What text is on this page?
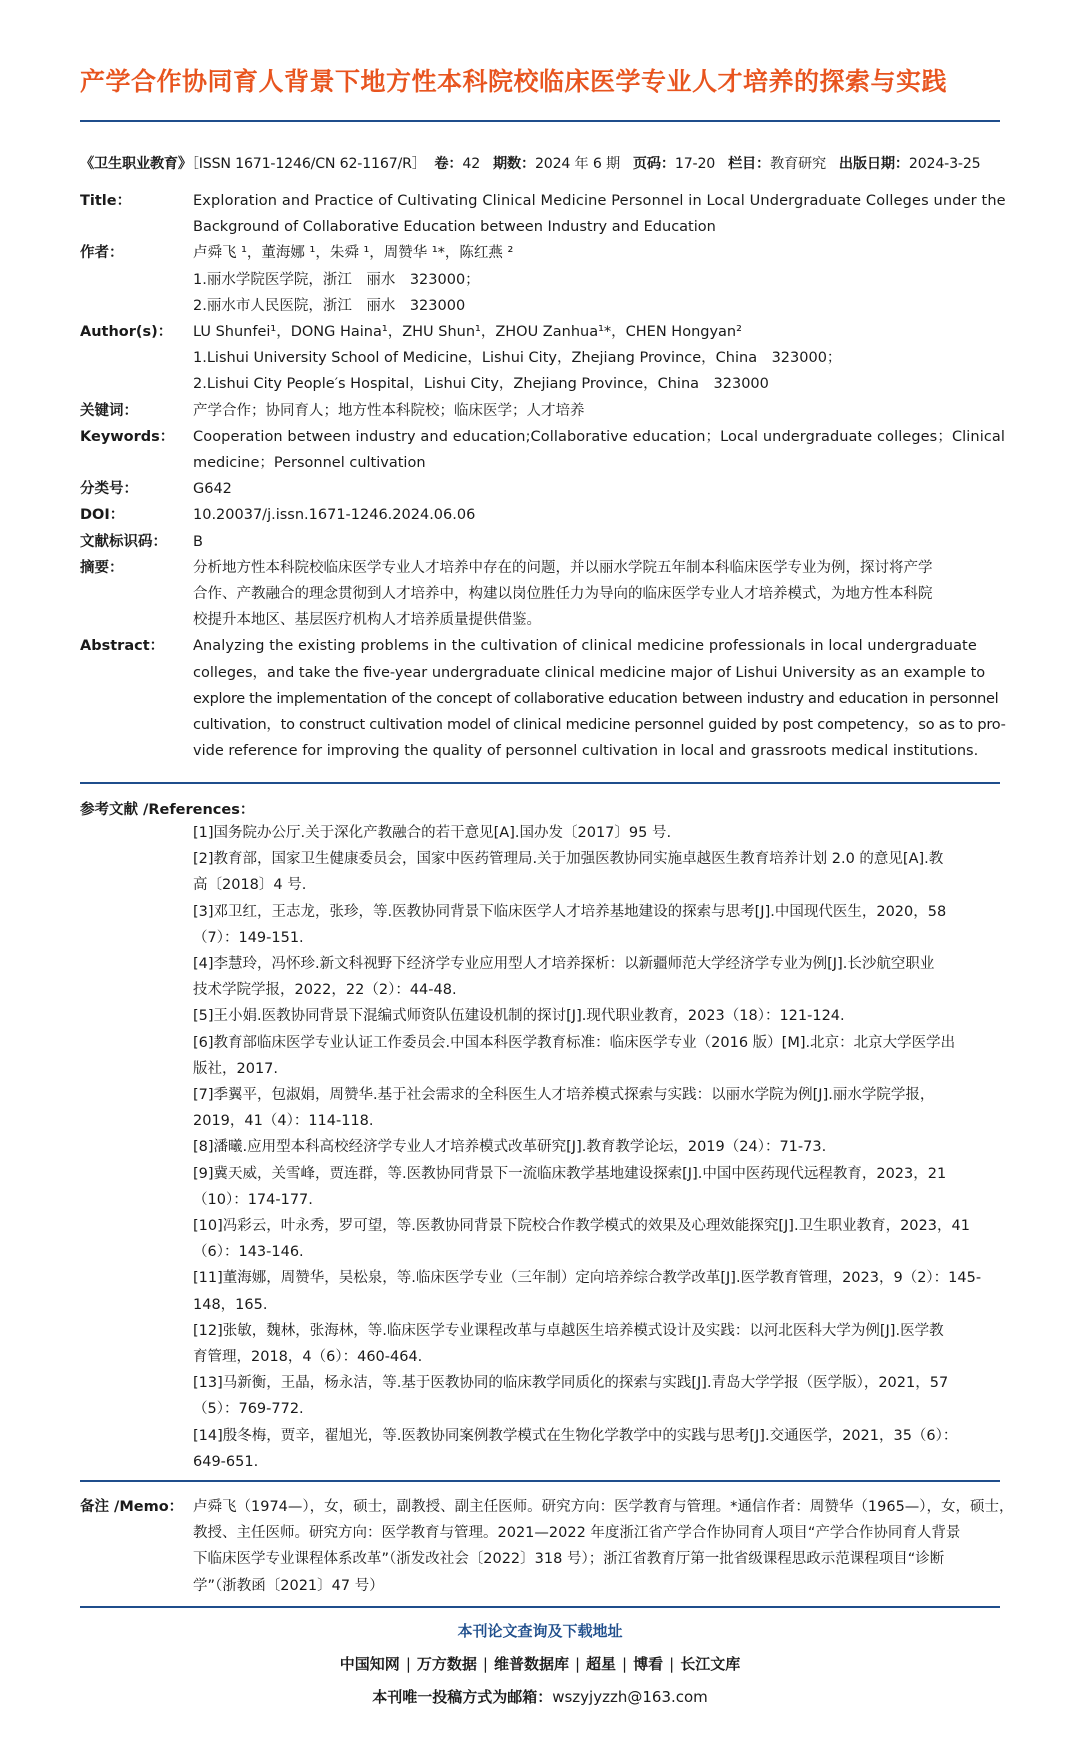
产学合作协同育人背景下地方性本科院校临床医学专业人才培养的探索与实践
《卫生职业教育》［ISSN 1671-1246/CN 62-1167/R］ 卷：42 期数：2024 年 6 期 页码：17-20 栏目：教育研究 出版日期：2024-3-25
Title：	Exploration and Practice of Cultivating Clinical Medicine Personnel in Local Undergraduate Colleges under the
Background of Collaborative Education between Industry and Education
作者：	卢舜飞 ¹，董海娜 ¹，朱舜 ¹，周赞华 ¹*，陈红燕 ²
1.丽水学院医学院，浙江　丽水　323000；
2.丽水市人民医院，浙江　丽水　323000
Author(s)：	LU Shunfei¹，DONG Haina¹，ZHU Shun¹，ZHOU Zanhua¹*，CHEN Hongyan²
1.Lishui University School of Medicine，Lishui City，Zhejiang Province，China　323000；
2.Lishui City People′s Hospital，Lishui City，Zhejiang Province，China　323000
关键词：	产学合作；协同育人；地方性本科院校；临床医学；人才培养
Keywords：	Cooperation between industry and education;Collaborative education；Local undergraduate colleges；Clinical
medicine；Personnel cultivation
分类号：	G642
DOI：	10.20037/j.issn.1671-1246.2024.06.06
文献标识码：	B
摘要：	分析地方性本科院校临床医学专业人才培养中存在的问题，并以丽水学院五年制本科临床医学专业为例，探讨将产学
合作、产教融合的理念贯彻到人才培养中，构建以岗位胜任力为导向的临床医学专业人才培养模式，为地方性本科院
校提升本地区、基层医疗机构人才培养质量提供借鉴。
Abstract：	Analyzing the existing problems in the cultivation of clinical medicine professionals in local undergraduate
colleges，and take the five-year undergraduate clinical medicine major of Lishui University as an example to
explore the implementation of the concept of collaborative education between industry and education in personnel
cultivation，to construct cultivation model of clinical medicine personnel guided by post competency，so as to pro-
vide reference for improving the quality of personnel cultivation in local and grassroots medical institutions.
参考文献 /References：
[1]国务院办公厅.关于深化产教融合的若干意见[A].国办发〔2017〕95 号.
[2]教育部，国家卫生健康委员会，国家中医药管理局.关于加强医教协同实施卓越医生教育培养计划 2.0 的意见[A].教
高〔2018〕4 号.
[3]邓卫红，王志龙，张珍，等.医教协同背景下临床医学人才培养基地建设的探索与思考[J].中国现代医生，2020，58
（7）：149-151.
[4]李慧玲，冯怀珍.新文科视野下经济学专业应用型人才培养探析：以新疆师范大学经济学专业为例[J].长沙航空职业
技术学院学报，2022，22（2）：44-48.
[5]王小娟.医教协同背景下混编式师资队伍建设机制的探讨[J].现代职业教育，2023（18）：121-124.
[6]教育部临床医学专业认证工作委员会.中国本科医学教育标准：临床医学专业（2016 版）[M].北京：北京大学医学出
版社，2017.
[7]季翼平，包淑娟，周赞华.基于社会需求的全科医生人才培养模式探索与实践：以丽水学院为例[J].丽水学院学报，
2019，41（4）：114-118.
[8]潘曦.应用型本科高校经济学专业人才培养模式改革研究[J].教育教学论坛，2019（24）：71-73.
[9]冀天威，关雪峰，贾连群，等.医教协同背景下一流临床教学基地建设探索[J].中国中医药现代远程教育，2023，21
（10）：174-177.
[10]冯彩云，叶永秀，罗可望，等.医教协同背景下院校合作教学模式的效果及心理效能探究[J].卫生职业教育，2023，41
（6）：143-146.
[11]董海娜，周赞华，吴松泉，等.临床医学专业（三年制）定向培养综合教学改革[J].医学教育管理，2023，9（2）：145-
148，165.
[12]张敏，魏林，张海林，等.临床医学专业课程改革与卓越医生培养模式设计及实践：以河北医科大学为例[J].医学教
育管理，2018，4（6）：460-464.
[13]马新衡，王晶，杨永洁，等.基于医教协同的临床教学同质化的探索与实践[J].青岛大学学报（医学版），2021，57
（5）：769-772.
[14]殷冬梅，贾辛，翟旭光，等.医教协同案例教学模式在生物化学教学中的实践与思考[J].交通医学，2021，35（6）：
649-651.
备注 /Memo： 卢舜飞（1974—），女，硕士，副教授、副主任医师。研究方向：医学教育与管理。*通信作者：周赞华（1965—），女，硕士，
教授、主任医师。研究方向：医学教育与管理。2021—2022 年度浙江省产学合作协同育人项目“产学合作协同育人背景
下临床医学专业课程体系改革”（浙发改社会〔2022〕318 号）；浙江省教育厅第一批省级课程思政示范课程项目“诊断
学”（浙教函〔2021〕47 号）
本刊论文查询及下载地址
中国知网 | 万方数据 | 维普数据库 | 超星 | 博看 | 长江文库
本刊唯一投稿方式为邮箱：wszyjyzzh@163.com
